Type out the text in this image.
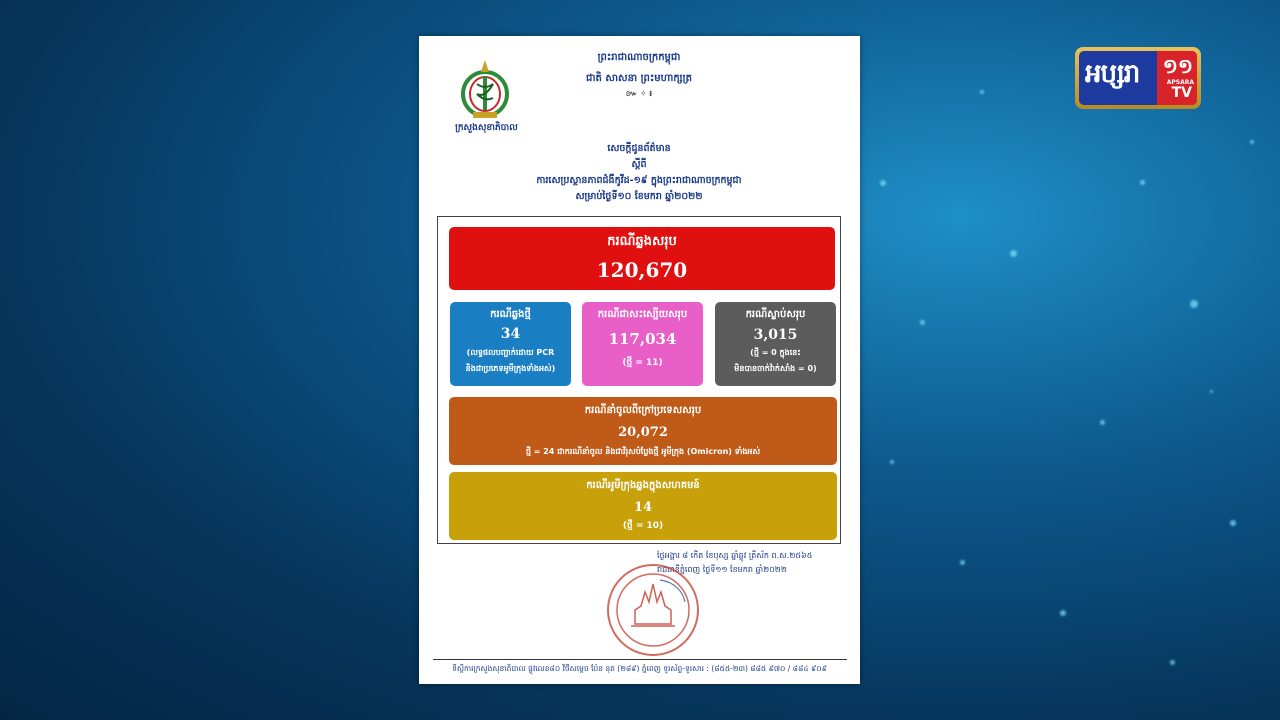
អប្សរា ១១
APSARA
TV
ក្រសួងសុខាភិបាល
ព្រះរាជាណាចក្រកម្ពុជា
ជាតិ សាសនា ព្រះមហាក្សត្រ
៚ ✧ ៛
សេចក្តីជូនព័ត៌មាន
ស្តីពី
ការសេប្រស្ថានភាពជំងឺកូវីដ-១៩ ក្នុងព្រះរាជាណាចក្រកម្ពុជា
សម្រាប់ថ្ងៃទី១០ ខែមករា ឆ្នាំ២០២២
ករណីឆ្លងសរុប
120,670
ករណីឆ្លងថ្មី
34
(លទ្ធផលបញ្ជាក់ដោយ PCR
និងជាប្រភេទអូមីក្រុងទាំងអស់)
ករណីជាសះស្បើយសរុប
117,034
(ថ្មី = 11)
ករណីស្លាប់សរុប
3,015
(ថ្មី = 0 ក្នុងនេះ
មិនបានចាក់វ៉ាក់សាំង = 0)
ករណីនាំចូលពីក្រៅប្រទេសសរុប
20,072
ថ្មី = 24 ជាករណីនាំចូល និងជាវីរុសបំប្លែងថ្មី អូមីក្រុង (Omicron) ទាំងអស់
ករណីអូមីក្រុងឆ្លងក្នុងសហគមន៍
14
(ថ្មី = 10)
ថ្ងៃអង្គារ ៨ កើត ខែបុស្ស ឆ្នាំឆ្លូវ ត្រីស័ក ព.ស.២៥៦៥
រាជធានីភ្នំពេញ ថ្ងៃទី១១ ខែមករា ឆ្នាំ២០២២
ទីស្តីការក្រសួងសុខាភិបាល ផ្លូវលេខ៨០ វិថីសម្តេច ប៉ែន នុត (២៨៩) ភ្នំពេញ ទូរស័ព្ទ-ទូរសារ : (៨៥៥-២៣) ៨៨៥ ៩៧០ / ៨៨៤ ៩០៩
